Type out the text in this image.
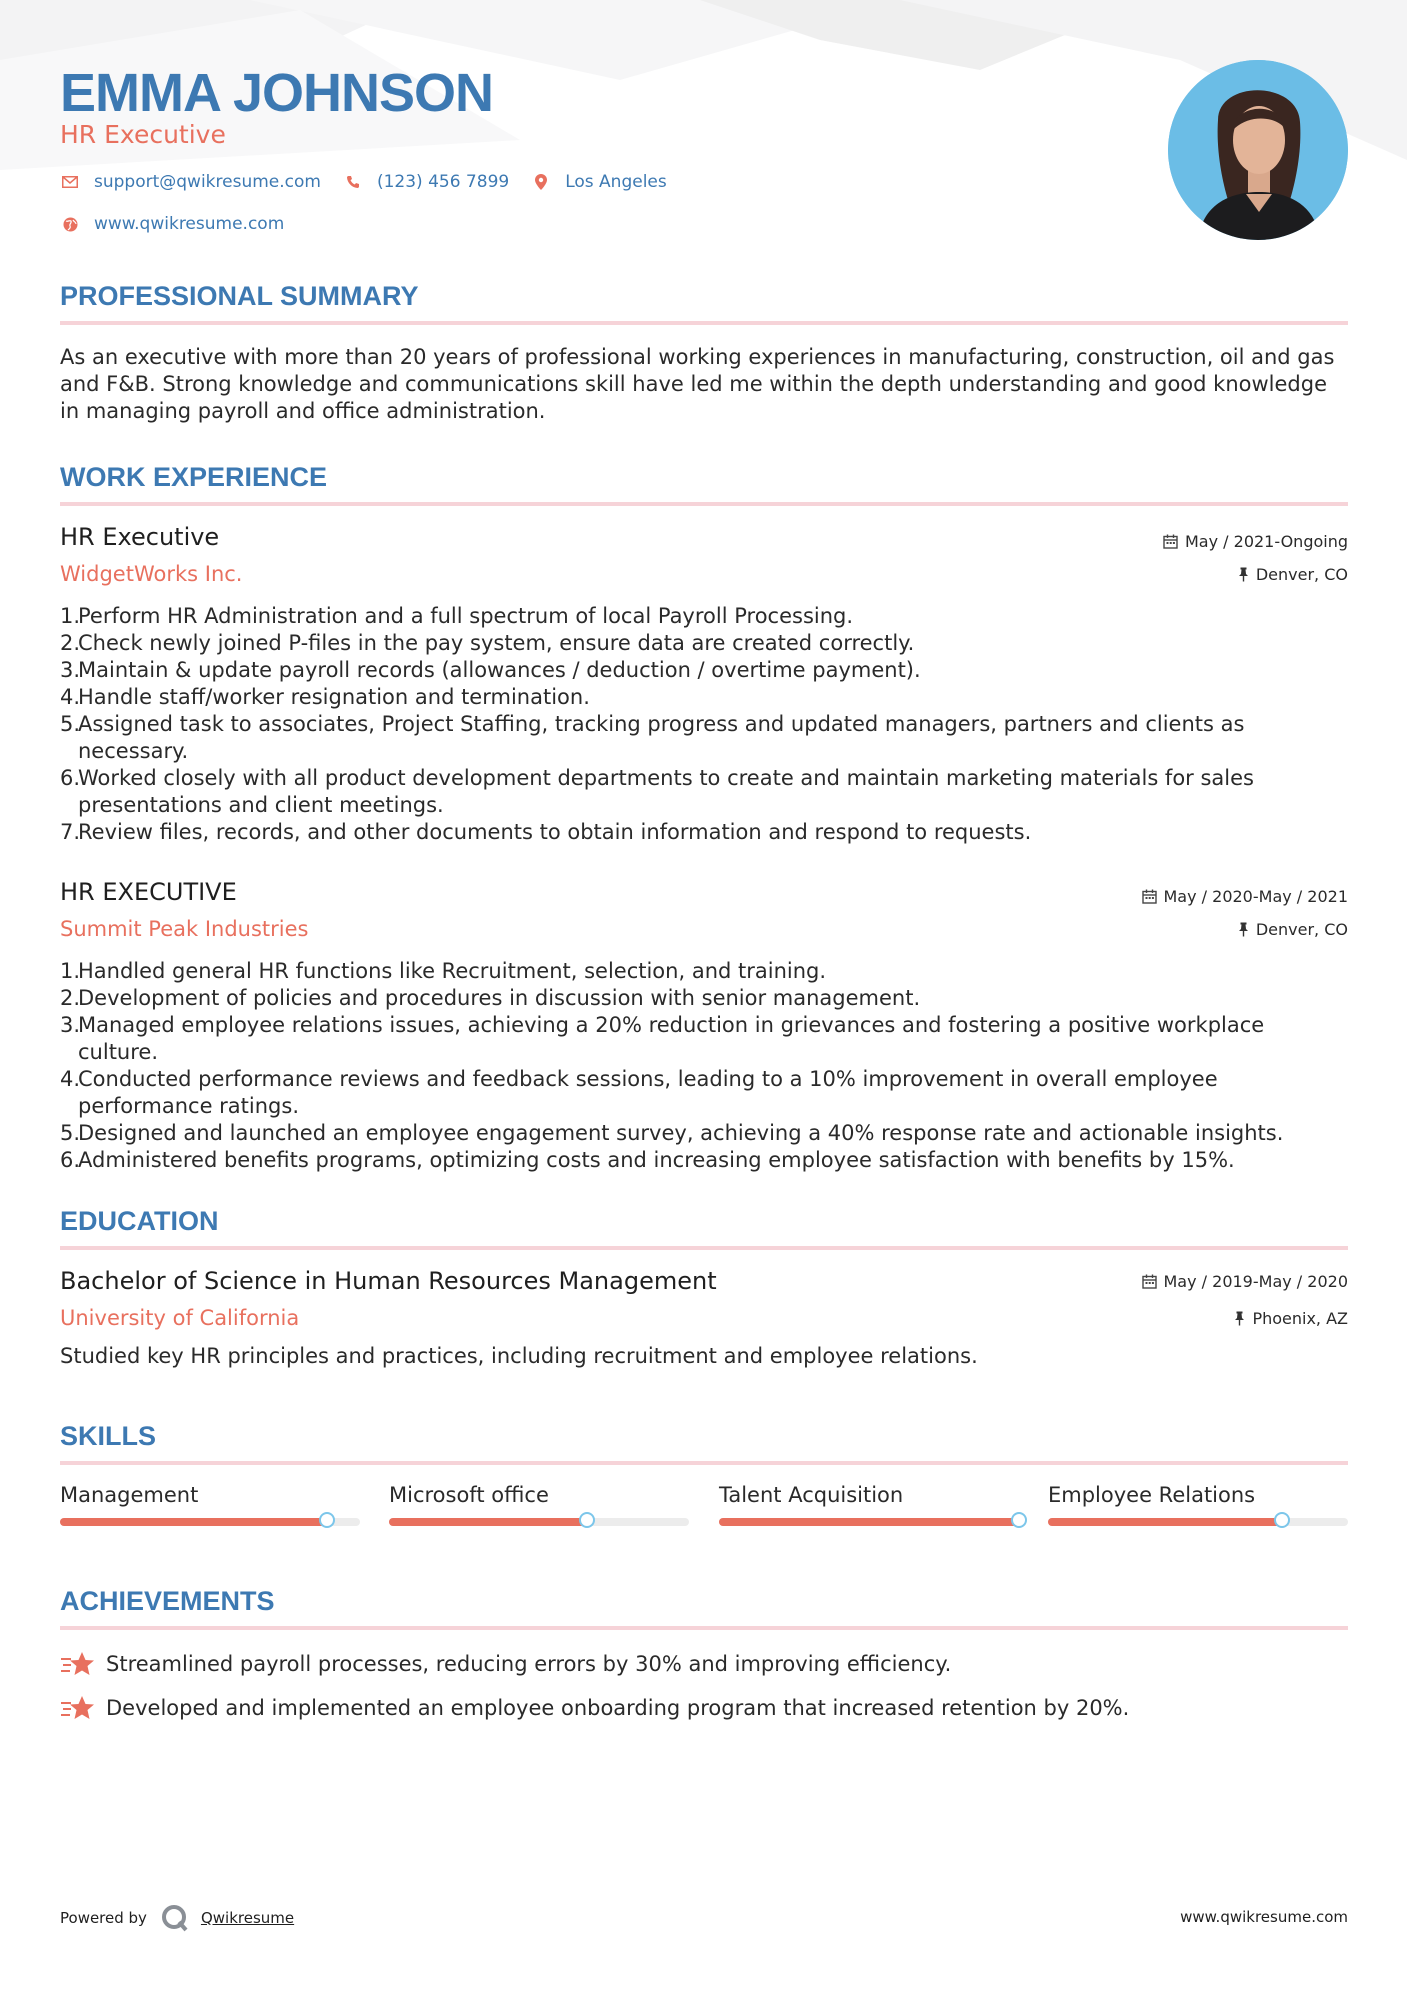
EMMA JOHNSON
HR Executive
support@qwikresume.com	(123) 456 7899	Los Angeles
www.qwikresume.com
PROFESSIONAL SUMMARY
As an executive with more than 20 years of professional working experiences in manufacturing, construction, oil and gas and F&B. Strong knowledge and communications skill have led me within the depth understanding and good knowledge in managing payroll and office administration.
WORK EXPERIENCE
HR Executive
WidgetWorks Inc.
May / 2021-Ongoing
Denver, CO
1.
Perform HR Administration and a full spectrum of local Payroll Processing.
2.
Check newly joined P-files in the pay system, ensure data are created correctly.
3.
Maintain & update payroll records (allowances / deduction / overtime payment).
4.
Handle staff/worker resignation and termination.
5.
Assigned task to associates, Project Staffing, tracking progress and updated managers, partners and clients as necessary.
6.
Worked closely with all product development departments to create and maintain marketing materials for sales presentations and client meetings.
7.
Review files, records, and other documents to obtain information and respond to requests.
HR EXECUTIVE
Summit Peak Industries
May / 2020-May / 2021
Denver, CO
1.
Handled general HR functions like Recruitment, selection, and training.
2.
Development of policies and procedures in discussion with senior management.
3.
Managed employee relations issues, achieving a 20% reduction in grievances and fostering a positive workplace culture.
4.
Conducted performance reviews and feedback sessions, leading to a 10% improvement in overall employee performance ratings.
5.
Designed and launched an employee engagement survey, achieving a 40% response rate and actionable insights.
6.
Administered benefits programs, optimizing costs and increasing employee satisfaction with benefits by 15%.
EDUCATION
Bachelor of Science in Human Resources Management
University of California
May / 2019-May / 2020
Phoenix, AZ
Studied key HR principles and practices, including recruitment and employee relations.
SKILLS
Management	Microsoft office	Talent Acquisition	Employee Relations
ACHIEVEMENTS
Streamlined payroll processes, reducing errors by 30% and improving efficiency.
Developed and implemented an employee onboarding program that increased retention by 20%.
Powered by	Qwikresume	www.qwikresume.com
